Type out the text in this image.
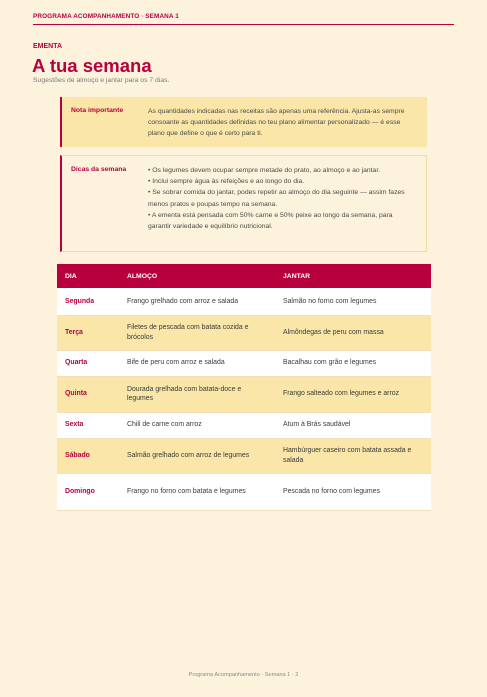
PROGRAMA ACOMPANHAMENTO · SEMANA 1
EMENTA
A tua semana
Sugestões de almoço e jantar para os 7 dias.
Nota importante	As quantidades indicadas nas receitas são apenas uma referência. Ajusta-as sempre consoante as quantidades definidas no teu plano alimentar personalizado — é esse plano que define o que é certo para ti.
Dicas da semana	• Os legumes devem ocupar sempre metade do prato, ao almoço e ao jantar.
• Inclui sempre água às refeições e ao longo do dia.
• Se sobrar comida do jantar, podes repetir ao almoço do dia seguinte — assim fazes menos pratos e poupas tempo na semana.
• A ementa está pensada com 50% carne e 50% peixe ao longo da semana, para garantir variedade e equilíbrio nutricional.
DIA	ALMOÇO	JANTAR
Segunda	Frango grelhado com arroz e salada	Salmão no forno com legumes
Terça	Filetes de pescada com batata cozida e brócolos	Almôndegas de peru com massa
Quarta	Bife de peru com arroz e salada	Bacalhau com grão e legumes
Quinta	Dourada grelhada com batata-doce e legumes	Frango salteado com legumes e arroz
Sexta	Chili de carne com arroz	Atum à Brás saudável
Sábado	Salmão grelhado com arroz de legumes	Hambúrguer caseiro com batata assada e salada
Domingo	Frango no forno com batata e legumes	Pescada no forno com legumes
Programa Acompanhamento · Semana 1 · 2
